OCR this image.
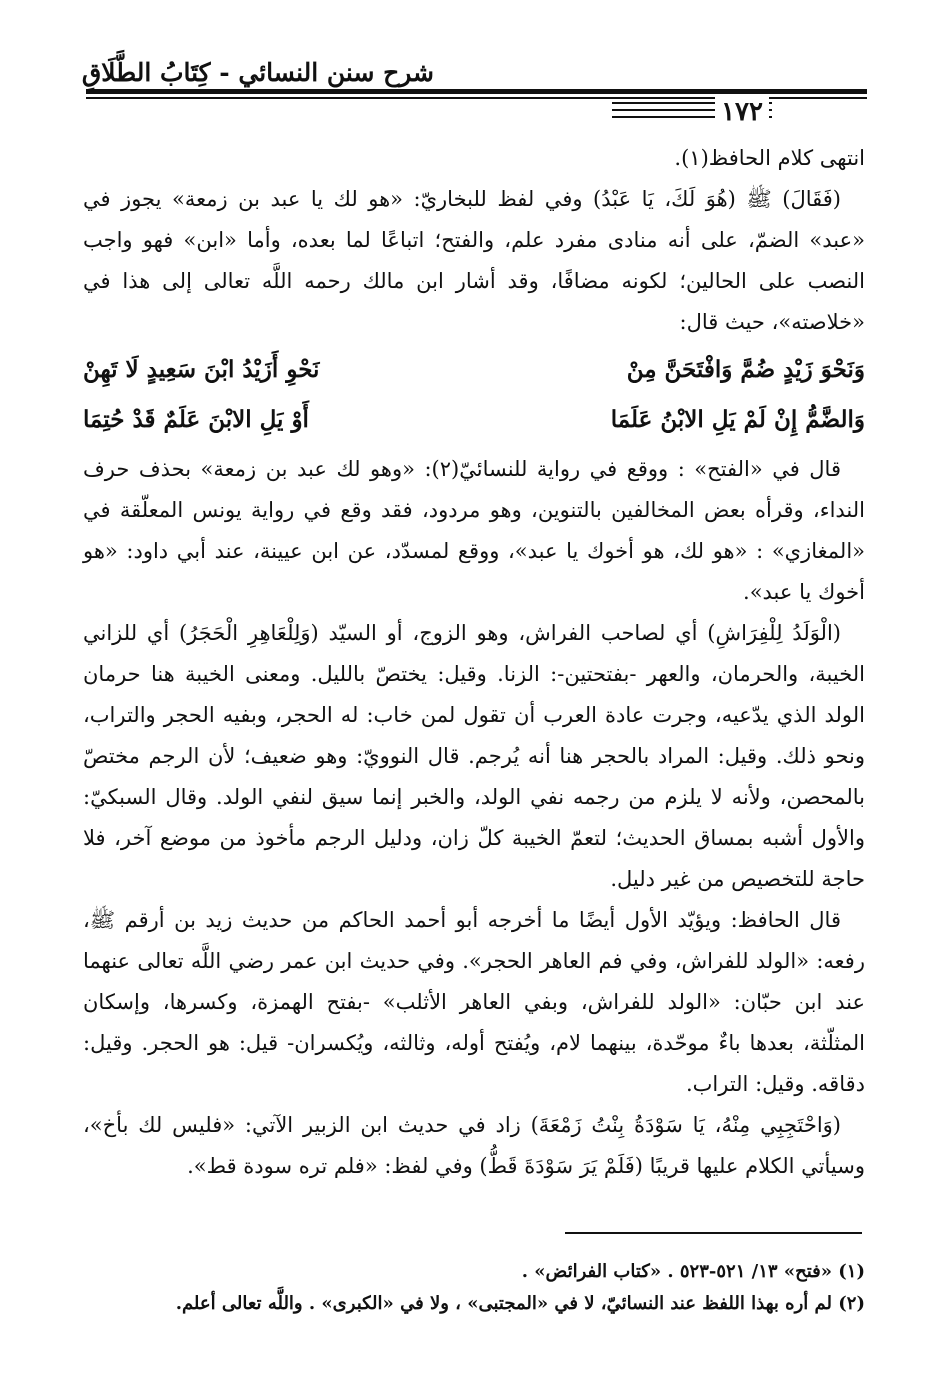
شرح سنن النسائي - كِتَابُ الطَّلَاقِ
١٧٢

انتهى كلام الحافظ(١).

(فَقَالَ) ﷺ (هُوَ لَكَ، يَا عَبْدُ) وفي لفظ للبخاريّ: «هو لك يا عبد بن زمعة» يجوز في «عبد» الضمّ، على أنه منادى مفرد علم، والفتح؛ اتباعًا لما بعده، وأما «ابن» فهو واجب النصب على الحالين؛ لكونه مضافًا، وقد أشار ابن مالك رحمه اللَّه تعالى إلى هذا في «خلاصته»، حيث قال:

وَنَحْوَ زَيْدٍ ضُمَّ وَافْتَحَنَّ مِنْ
نَحْوِ أَزَيْدُ ابْنَ سَعِيدٍ لَا تَهِنْ
وَالضَّمُّ إِنْ لَمْ يَلِ الابْنُ عَلَمَا
أَوْ يَلِ الابْنَ عَلَمٌ قَدْ حُتِمَا

قال في «الفتح» : ووقع في رواية للنسائيّ(٢): «وهو لك عبد بن زمعة» بحذف حرف النداء، وقرأه بعض المخالفين بالتنوين، وهو مردود، فقد وقع في رواية يونس المعلّقة في «المغازي» : «هو لك، هو أخوك يا عبد»، ووقع لمسدّد، عن ابن عيينة، عند أبي داود: «هو أخوك يا عبد».

(الْوَلَدُ لِلْفِرَاشِ) أي لصاحب الفراش، وهو الزوج، أو السيّد (وَلِلْعَاهِرِ الْحَجَرُ) أي للزاني الخيبة، والحرمان، والعهر -بفتحتين-: الزنا. وقيل: يختصّ بالليل. ومعنى الخيبة هنا حرمان الولد الذي يدّعيه، وجرت عادة العرب أن تقول لمن خاب: له الحجر، وبفيه الحجر والتراب، ونحو ذلك. وقيل: المراد بالحجر هنا أنه يُرجم. قال النوويّ: وهو ضعيف؛ لأن الرجم مختصّ بالمحصن، ولأنه لا يلزم من رجمه نفي الولد، والخبر إنما سيق لنفي الولد. وقال السبكيّ: والأول أشبه بمساق الحديث؛ لتعمّ الخيبة كلّ زان، ودليل الرجم مأخوذ من موضع آخر، فلا حاجة للتخصيص من غير دليل.

قال الحافظ: ويؤيّد الأول أيضًا ما أخرجه أبو أحمد الحاكم من حديث زيد بن أرقم ﷺ، رفعه: «الولد للفراش، وفي فم العاهر الحجر». وفي حديث ابن عمر رضي اللَّه تعالى عنهما عند ابن حبّان: «الولد للفراش، وبفي العاهر الأثلب» -بفتح الهمزة، وكسرها، وإسكان المثلّثة، بعدها باءٌ موحّدة، بينهما لام، ويُفتح أوله، وثالثه، ويُكسران- قيل: هو الحجر. وقيل: دقاقه. وقيل: التراب.

(وَاحْتَجِبِي مِنْهُ، يَا سَوْدَةُ بِنْتُ زَمْعَةَ) زاد في حديث ابن الزبير الآتي: «فليس لك بأخ»، وسيأتي الكلام عليها قريبًا (فَلَمْ يَرَ سَوْدَةَ قَطُّ) وفي لفظ: «فلم تره سودة قط».

(١) «فتح» ١٣/ ٥٢١-٥٢٣ . «كتاب الفرائض» .

(٢) لم أره بهذا اللفظ عند النسائيّ، لا في «المجتبى» ، ولا في «الكبرى» . واللَّه تعالى أعلم.
